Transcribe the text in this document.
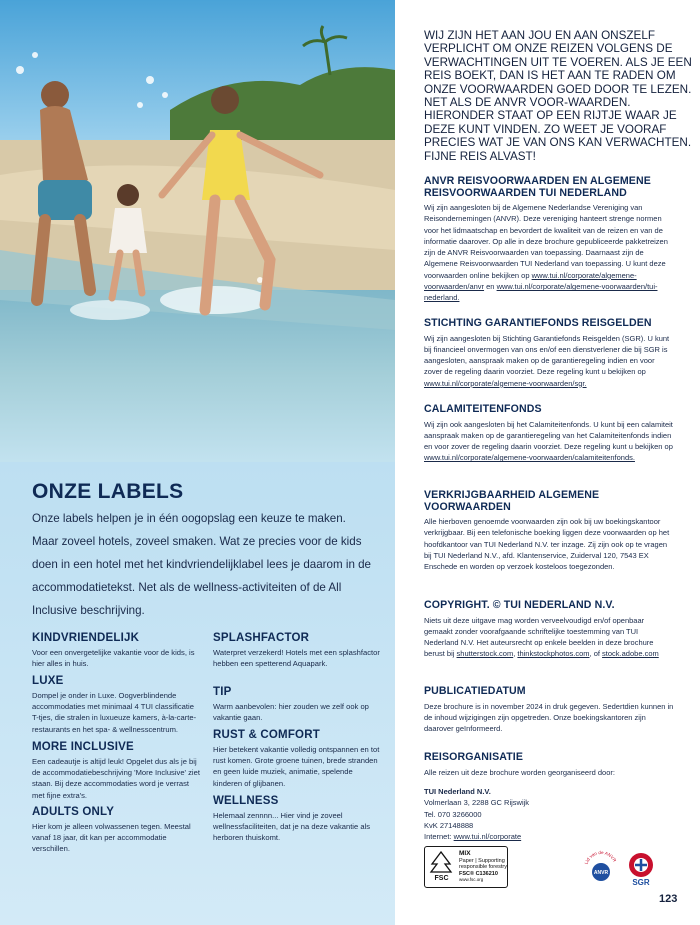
ONZE LABELS
Onze labels helpen je in één oogopslag een keuze te maken. Maar zoveel hotels, zoveel smaken. Wat ze precies voor de kids doen in een hotel met het kindvriendelijklabel lees je daarom in de accommodatietekst. Net als de wellness-activiteiten of de All Inclusive beschrijving.
KINDVRIENDELIJK

Voor een onvergetelijke vakantie voor de kids, is hier alles in huis.

LUXE

Dompel je onder in Luxe. Oogverblindende accommodaties met minimaal 4 TUI classificatie T-tjes, die stralen in luxueuze kamers, à-la-carte-restaurants en het spa- & wellnesscentrum.

MORE INCLUSIVE

Een cadeautje is altijd leuk! Opgelet dus als je bij de accommodatiebeschrijving 'More Inclusive' ziet staan. Bij deze accommodaties word je verrast met fijne extra's.

ADULTS ONLY

Hier kom je alleen volwassenen tegen. Meestal vanaf 18 jaar, dit kan per accommodatie verschillen.

SPLASHFACTOR

Waterpret verzekerd! Hotels met een splashfactor hebben een spetterend Aquapark.

TIP

Warm aanbevolen: hier zouden we zelf ook op vakantie gaan.

RUST & COMFORT

Hier betekent vakantie volledig ontspannen en tot rust komen. Grote groene tuinen, brede stranden en geen luide muziek, animatie, spelende kinderen of glijbanen.

WELLNESS

Helemaal zennnn... Hier vind je zoveel wellnessfaciliteiten, dat je na deze vakantie als herboren thuiskomt.

WIJ ZIJN HET AAN JOU EN AAN ONSZELF VERPLICHT OM ONZE REIZEN VOLGENS DE VERWACHTINGEN UIT TE VOEREN. ALS JE EEN REIS BOEKT, DAN IS HET AAN TE RADEN OM ONZE VOORWAARDEN GOED DOOR TE LEZEN. NET ALS DE ANVR VOOR-WAARDEN. HIERONDER STAAT OP EEN RIJTJE WAAR JE DEZE KUNT VINDEN. ZO WEET JE VOORAF PRECIES WAT JE VAN ONS KAN VERWACHTEN. FIJNE REIS ALVAST!
ANVR REISVOORWAARDEN EN ALGEMENE REISVOORWAARDEN TUI NEDERLAND

Wij zijn aangesloten bij de Algemene Nederlandse Vereniging van Reisondernemingen (ANVR). Deze vereniging hanteert strenge normen voor het lidmaatschap en bevordert de kwaliteit van de reizen en van de informatie daarover. Op alle in deze brochure gepubliceerde pakketreizen zijn de ANVR Reisvoorwaarden van toepassing. Daarnaast zijn de Algemene Reisvoorwaarden TUI Nederland van toepassing. U kunt deze voorwaarden online bekijken op www.tui.nl/corporate/algemene-voorwaarden/anvr en www.tui.nl/corporate/algemene-voorwaarden/tui-nederland.

STICHTING GARANTIEFONDS REISGELDEN

Wij zijn aangesloten bij Stichting Garantiefonds Reisgelden (SGR). U kunt bij financieel onvermogen van ons en/of een dienstverlener die bij SGR is aangesloten, aanspraak maken op de garantieregeling indien en voor zover de regeling daarin voorziet. Deze regeling kunt u bekijken op www.tui.nl/corporate/algemene-voorwaarden/sgr.

CALAMITEITENFONDS

Wij zijn ook aangesloten bij het Calamiteitenfonds. U kunt bij een calamiteit aanspraak maken op de garantieregeling van het Calamiteitenfonds indien en voor zover de regeling daarin voorziet. Deze regeling kunt u bekijken op www.tui.nl/corporate/algemene-voorwaarden/calamiteitenfonds.

VERKRIJGBAARHEID ALGEMENE VOORWAARDEN

Alle hierboven genoemde voorwaarden zijn ook bij uw boekingskantoor verkrijgbaar. Bij een telefonische boeking liggen deze voorwaarden op het hoofdkantoor van TUI Nederland N.V. ter inzage. Zij zijn ook op te vragen bij TUI Nederland N.V., afd. Klantenservice, Zuiderval 120, 7543 EX Enschede en worden op verzoek kosteloos toegezonden.

COPYRIGHT. © TUI NEDERLAND N.V.

Niets uit deze uitgave mag worden verveelvoudigd en/of openbaar gemaakt zonder voorafgaande schriftelijke toestemming van TUI Nederland N.V. Het auteursrecht op enkele beelden in deze brochure berust bij shutterstock.com, thinkstockphotos.com, of stock.adobe.com

PUBLICATIEDATUM

Deze brochure is in november 2024 in druk gegeven. Sedertdien kunnen in de inhoud wijzigingen zijn opgetreden. Onze boekingskantoren zijn daarover geïnformeerd.

REISORGANISATIE

Alle reizen uit deze brochure worden georganiseerd door:

TUI Nederland N.V.
Volmerlaan 3, 2288 GC Rijswijk
Tel. 070 3266000
KvK 27148888
Internet: www.tui.nl/corporate
FSC
MIX
Paper | Supporting
responsible forestry
FSC® C136210
www.fsc.org
Lid van de ANVR
ANVR
SGR
123
